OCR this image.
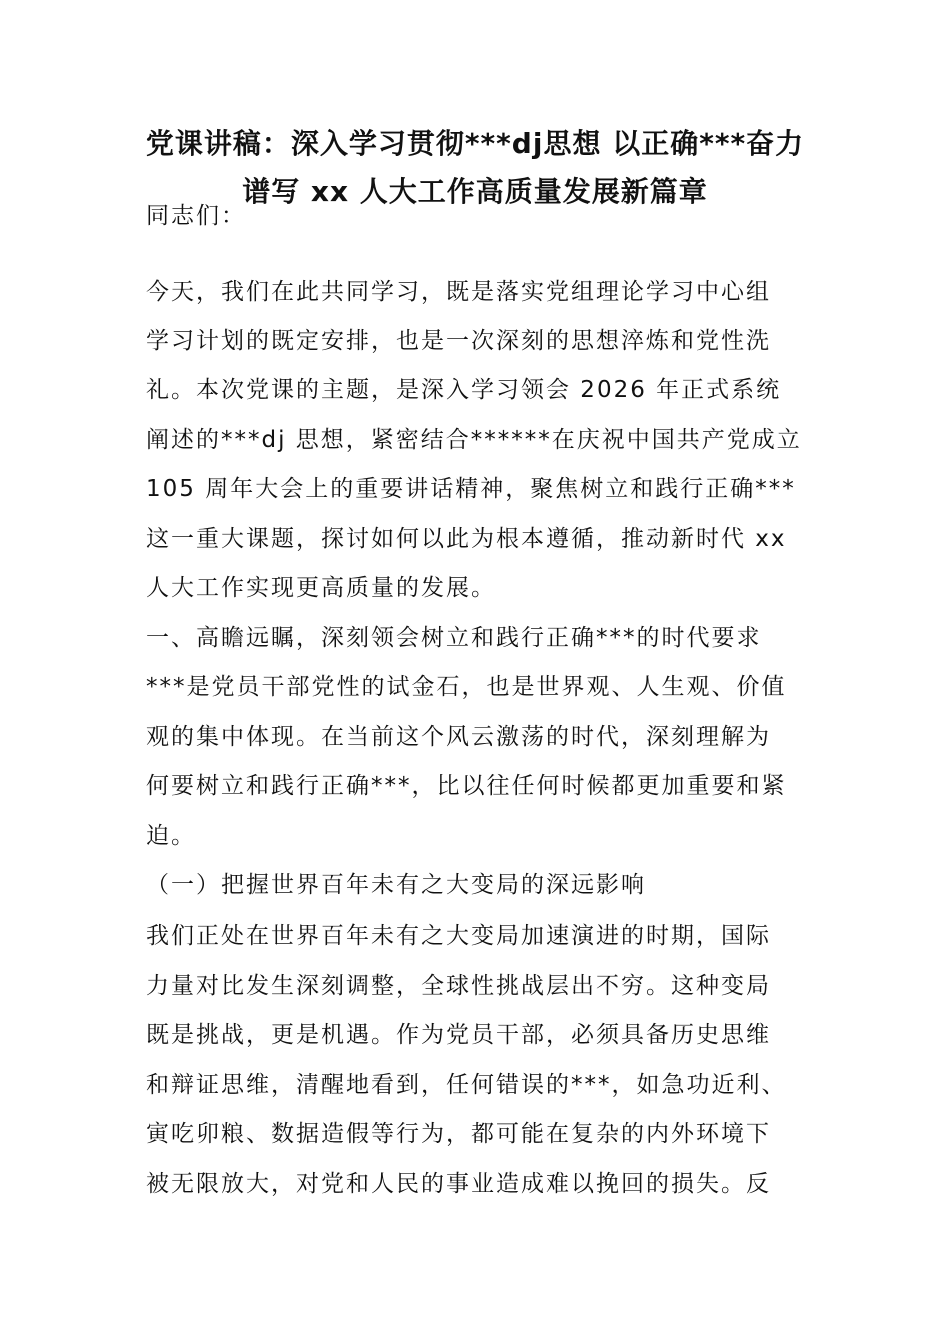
党课讲稿：深入学习贯彻***dj思想 以正确***奋力
谱写 xx 人大工作高质量发展新篇章
同志们：
今天，我们在此共同学习，既是落实党组理论学习中心组
学习计划的既定安排，也是一次深刻的思想淬炼和党性洗
礼。本次党课的主题，是深入学习领会 2026 年正式系统
阐述的***dj 思想，紧密结合******在庆祝中国共产党成立
105 周年大会上的重要讲话精神，聚焦树立和践行正确***
这一重大课题，探讨如何以此为根本遵循，推动新时代 xx
人大工作实现更高质量的发展。
一、高瞻远瞩，深刻领会树立和践行正确***的时代要求
***是党员干部党性的试金石，也是世界观、人生观、价值
观的集中体现。在当前这个风云激荡的时代，深刻理解为
何要树立和践行正确***，比以往任何时候都更加重要和紧
迫。
（一）把握世界百年未有之大变局的深远影响
我们正处在世界百年未有之大变局加速演进的时期，国际
力量对比发生深刻调整，全球性挑战层出不穷。这种变局
既是挑战，更是机遇。作为党员干部，必须具备历史思维
和辩证思维，清醒地看到，任何错误的***，如急功近利、
寅吃卯粮、数据造假等行为，都可能在复杂的内外环境下
被无限放大，对党和人民的事业造成难以挽回的损失。反
